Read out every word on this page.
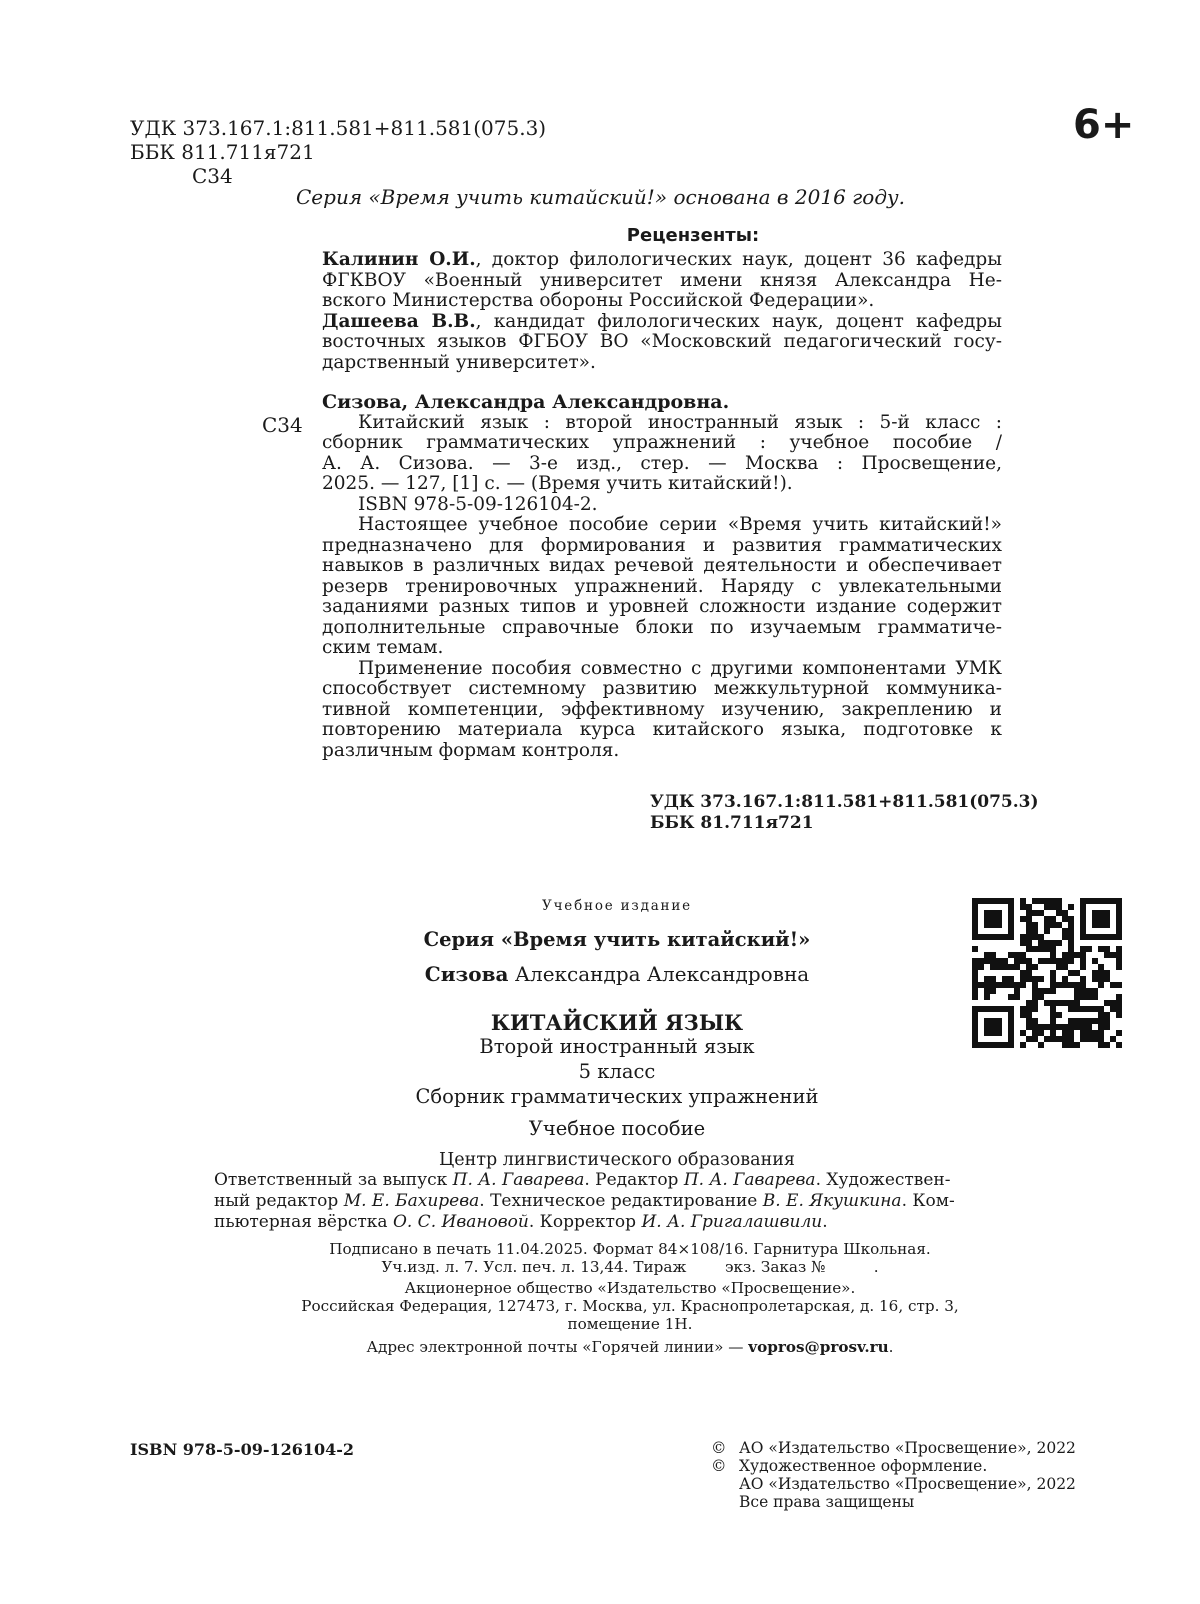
УДК 373.167.1:811.581+811.581(075.3)
ББК 811.711я721
С34
6+
Серия «Время учить китайский!» основана в 2016 году.
Рецензенты:
Калинин О.И., доктор филологических наук, доцент 36 кафедры
ФГКВОУ «Военный университет имени князя Александра Не-
вского Министерства обороны Российской Федерации».
Дашеева В.В., кандидат филологических наук, доцент кафедры
восточных языков ФГБОУ ВО «Московский педагогический госу-
дарственный университет».
С34
Сизова, Александра Александровна.
Китайский язык : второй иностранный язык : 5-й класс :
сборник грамматических упражнений : учебное пособие /
А. А. Сизова. — 3-е изд., стер. — Москва : Просвещение,
2025. — 127, [1] с. — (Время учить китайский!).
ISBN 978-5-09-126104-2.
Настоящее учебное пособие серии «Время учить китайский!»
предназначено для формирования и развития грамматических
навыков в различных видах речевой деятельности и обеспечивает
резерв тренировочных упражнений. Наряду с увлекательными
заданиями разных типов и уровней сложности издание содержит
дополнительные справочные блоки по изучаемым грамматиче-
ским темам.
Применение пособия совместно с другими компонентами УМК
способствует системному развитию межкультурной коммуника-
тивной компетенции, эффективному изучению, закреплению и
повторению материала курса китайского языка, подготовке к
различным формам контроля.
УДК 373.167.1:811.581+811.581(075.3)
ББК 81.711я721
Учебное издание
Серия «Время учить китайский!»
Сизова Александра Александровна
КИТАЙСКИЙ ЯЗЫК
Второй иностранный язык
5 класс
Сборник грамматических упражнений
Учебное пособие
Центр лингвистического образования
Ответственный за выпуск П. А. Гаварева. Редактор П. А. Гаварева. Художествен-
ный редактор М. Е. Бахирева. Техническое редактирование В. Е. Якушкина. Ком-
пьютерная вёрстка О. С. Ивановой. Корректор И. А. Григалашвили.
Подписано в печать 11.04.2025. Формат 84×108/16. Гарнитура Школьная.
Уч.изд. л. 7. Усл. печ. л. 13,44. Тираж        экз. Заказ №          .
Акционерное общество «Издательство «Просвещение».
Российская Федерация, 127473, г. Москва, ул. Краснопролетарская, д. 16, стр. 3,
помещение 1Н.
Адрес электронной почты «Горячей линии» — vopros@prosv.ru.
ISBN 978-5-09-126104-2	© АО «Издательство «Просвещение», 2022
© Художественное оформление.
АО «Издательство «Просвещение», 2022
Все права защищены
